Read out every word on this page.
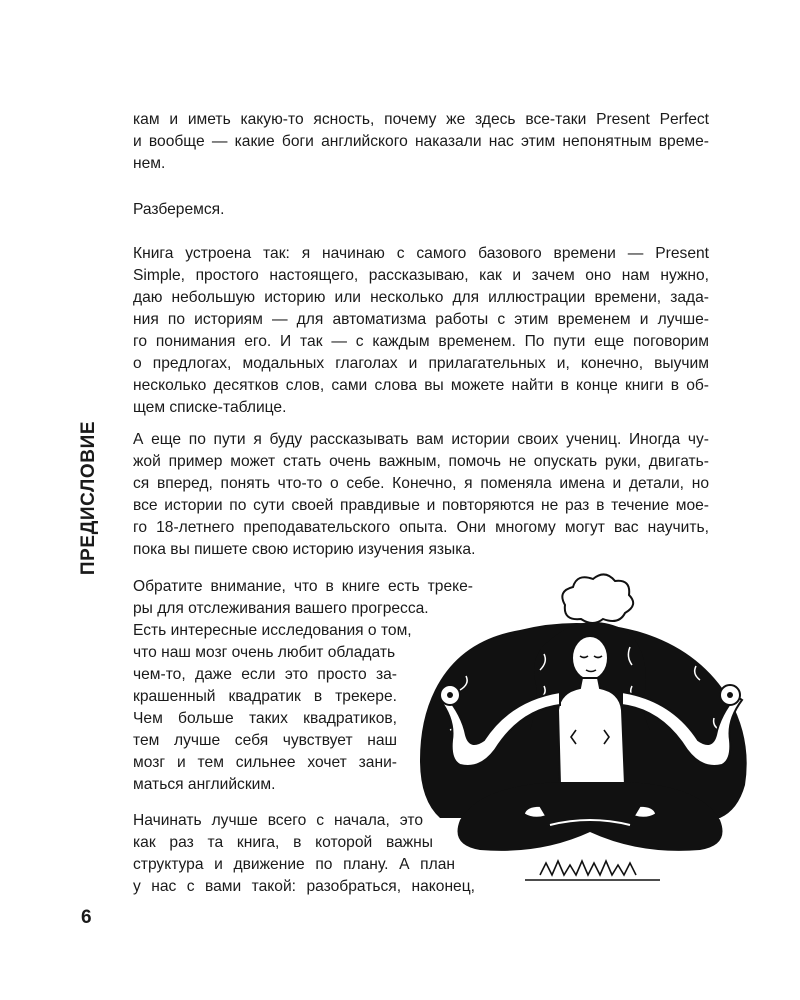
ПРЕДИСЛОВИЕ
6
кам и иметь какую-то ясность, почему же здесь все-таки Present Perfect
и вообще — какие боги английского наказали нас этим непонятным време-
нем.
Разберемся.
Книга устроена так: я начинаю с самого базового времени — Present
Simple, простого настоящего, рассказываю, как и зачем оно нам нужно,
даю небольшую историю или несколько для иллюстрации времени, зада-
ния по историям — для автоматизма работы с этим временем и лучше-
го понимания его. И так — с каждым временем. По пути еще поговорим
о предлогах, модальных глаголах и прилагательных и, конечно, выучим
несколько десятков слов, сами слова вы можете найти в конце книги в об-
щем списке-таблице.
А еще по пути я буду рассказывать вам истории своих учениц. Иногда чу-
жой пример может стать очень важным, помочь не опускать руки, двигать-
ся вперед, понять что-то о себе. Конечно, я поменяла имена и детали, но
все истории по сути своей правдивые и повторяются не раз в течение мое-
го 18-летнего преподавательского опыта. Они многому могут вас научить,
пока вы пишете свою историю изучения языка.
Обратите внимание, что в книге есть треке-
ры для отслеживания вашего прогресса.
Есть интересные исследования о том,
что наш мозг очень любит обладать
чем-то, даже если это просто за-
крашенный квадратик в трекере.
Чем больше таких квадратиков,
тем лучше себя чувствует наш
мозг и тем сильнее хочет зани-
маться английским.
Начинать лучше всего с начала, это
как раз та книга, в которой важны
структура и движение по плану. А план
у нас с вами такой: разобраться, наконец,
